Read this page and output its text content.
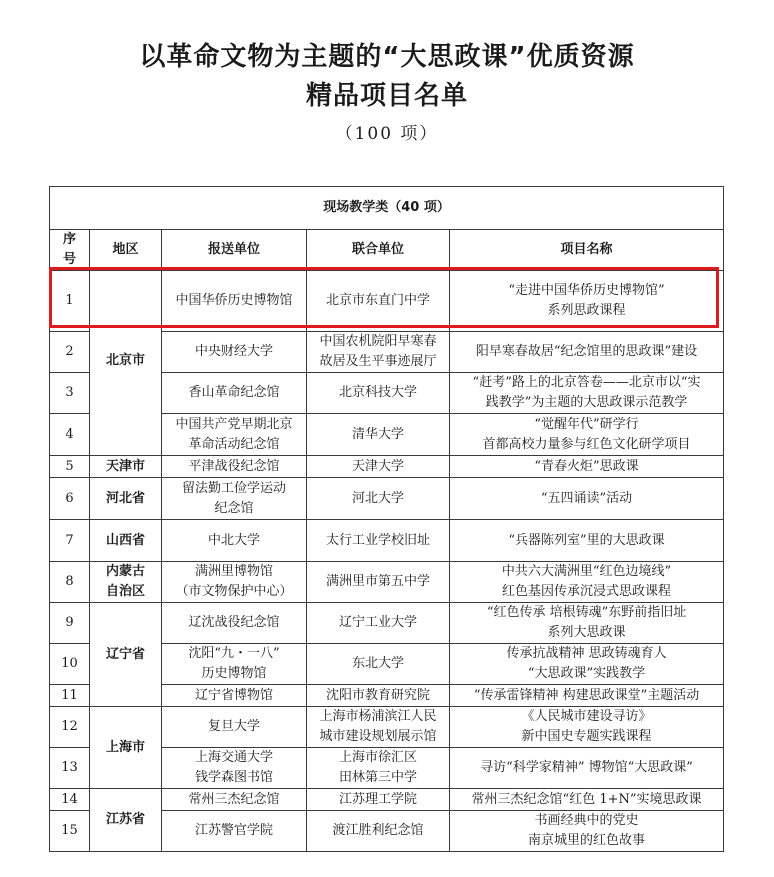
以革命文物为主题的“大思政课”优质资源
精品项目名单
（100 项）
现场教学类（40 项）				

序
号	地区	报送单位	联合单位	项目名称
1	北京市	中国华侨历史博物馆	北京市东直门中学	“走进中国华侨历史博物馆”
系列思政课程

2		中央财经大学	中国农机院阳早寒春
故居及生平事迹展厅	阳早寒春故居“纪念馆里的思政课”建设

3		香山革命纪念馆	北京科技大学	“赶考”路上的北京答卷——北京市以“实
践教学”为主题的大思政课示范教学

4		中国共产党早期北京
革命活动纪念馆	清华大学	“觉醒年代”研学行
首都高校力量参与红色文化研学项目

5	天津市	平津战役纪念馆	天津大学	“青春火炬”思政课

6	河北省	留法勤工俭学运动
纪念馆	河北大学	“五四诵读”活动

7	山西省	中北大学	太行工业学校旧址	“兵器陈列室”里的大思政课

8	内蒙古
自治区	满洲里博物馆
（市文物保护中心）	满洲里市第五中学	中共六大满洲里“红色边境线”
红色基因传承沉浸式思政课程

9	辽宁省	辽沈战役纪念馆	辽宁工业大学	“红色传承 培根铸魂”东野前指旧址
系列大思政课

10		沈阳“九・一八”
历史博物馆	东北大学	传承抗战精神 思政铸魂育人
“大思政课”实践教学

11		辽宁省博物馆	沈阳市教育研究院	“传承雷锋精神 构建思政课堂”主题活动

12	上海市	复旦大学	上海市杨浦滨江人民
城市建设规划展示馆	《人民城市建设寻访》
新中国史专题实践课程

13		上海交通大学
钱学森图书馆	上海市徐汇区
田林第三中学	寻访“科学家精神” 博物馆“大思政课”

14	江苏省	常州三杰纪念馆	江苏理工学院	常州三杰纪念馆“红色 1+N”实境思政课

15		江苏警官学院	渡江胜利纪念馆	书画经典中的党史
南京城里的红色故事
